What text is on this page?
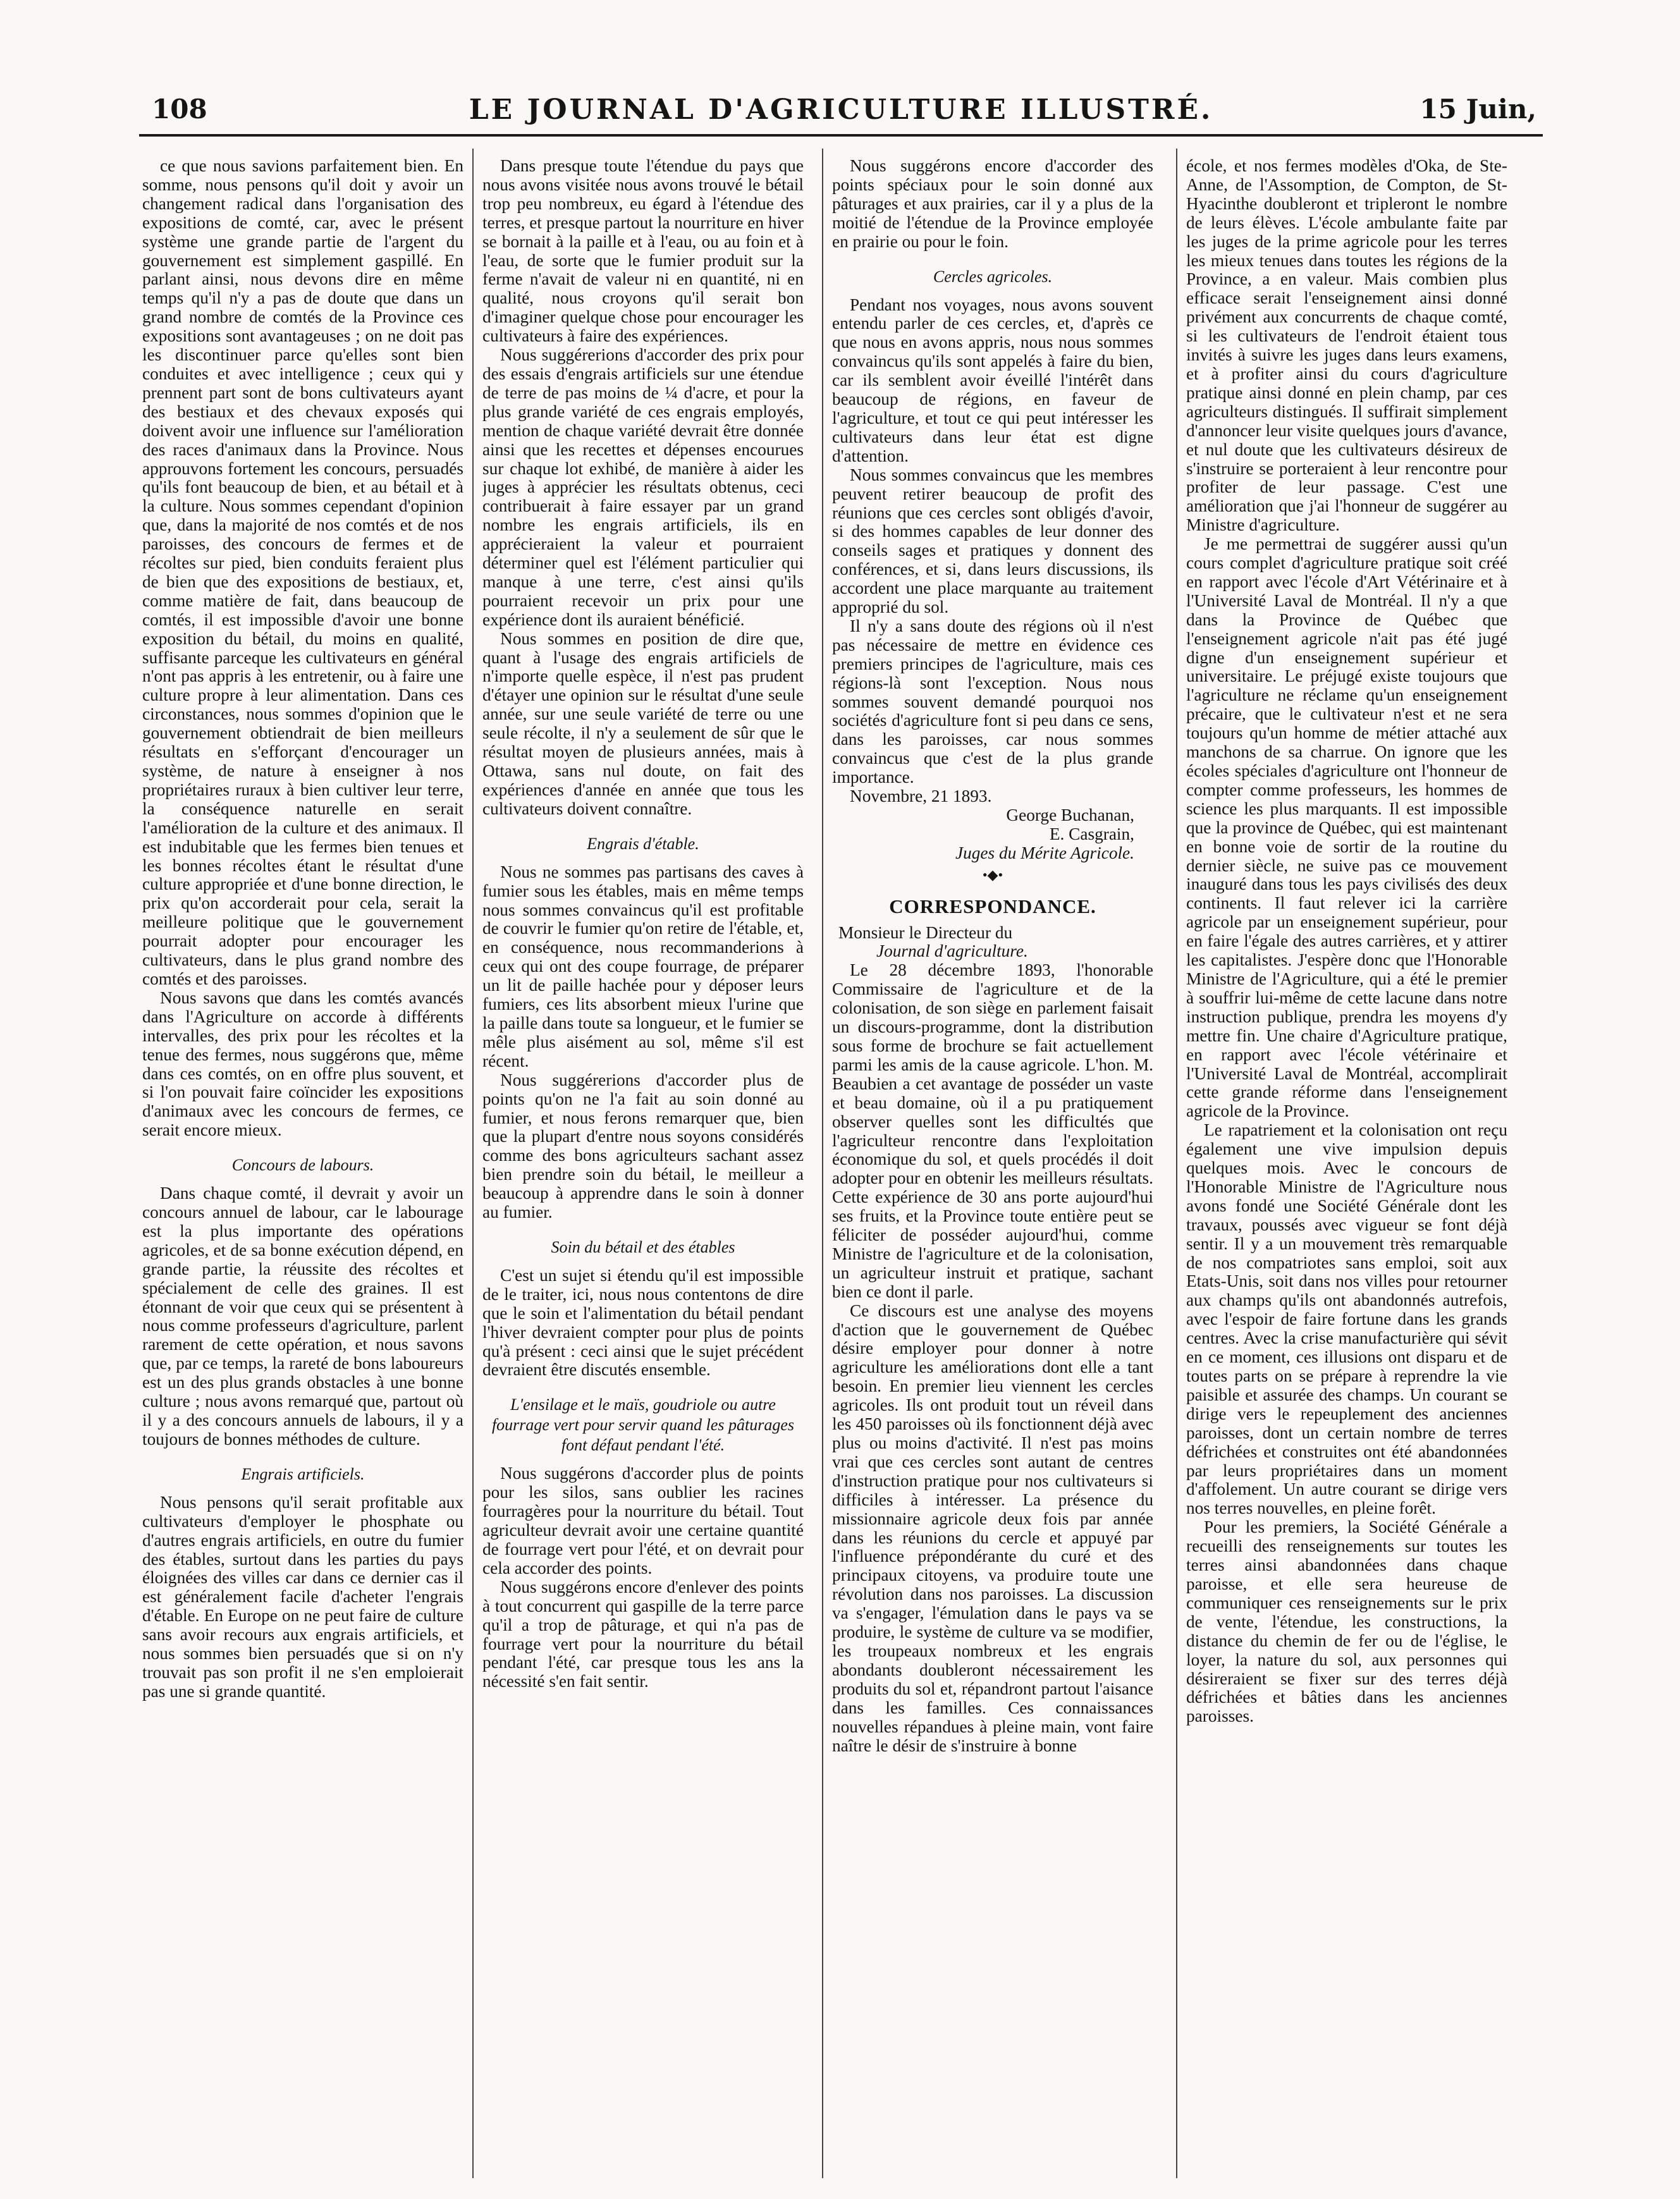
108	LE JOURNAL D'AGRICULTURE ILLUSTRÉ.	15 Juin,

ce que nous savions parfaitement bien. En somme, nous pensons qu'il doit y avoir un changement radical dans l'organisation des expositions de comté, car, avec le présent système une grande partie de l'argent du gouvernement est simplement gaspillé. En parlant ainsi, nous devons dire en même temps qu'il n'y a pas de doute que dans un grand nombre de comtés de la Province ces expositions sont avantageuses ; on ne doit pas les discontinuer parce qu'elles sont bien conduites et avec intelligence ; ceux qui y prennent part sont de bons cultivateurs ayant des bestiaux et des chevaux exposés qui doivent avoir une influence sur l'amélioration des races d'animaux dans la Province. Nous approuvons fortement les concours, persuadés qu'ils font beaucoup de bien, et au bétail et à la culture. Nous sommes cependant d'opinion que, dans la majorité de nos comtés et de nos paroisses, des concours de fermes et de récoltes sur pied, bien conduits feraient plus de bien que des expositions de bestiaux, et, comme matière de fait, dans beaucoup de comtés, il est impossible d'avoir une bonne exposition du bétail, du moins en qualité, suffisante parceque les cultivateurs en général n'ont pas appris à les entretenir, ou à faire une culture propre à leur alimentation. Dans ces circonstances, nous sommes d'opinion que le gouvernement obtiendrait de bien meilleurs résultats en s'efforçant d'encourager un système, de nature à enseigner à nos propriétaires ruraux à bien cultiver leur terre, la conséquence naturelle en serait l'amélioration de la culture et des animaux. Il est indubitable que les fermes bien tenues et les bonnes récoltes étant le résultat d'une culture appropriée et d'une bonne direction, le prix qu'on accorderait pour cela, serait la meilleure politique que le gouvernement pourrait adopter pour encourager les cultivateurs, dans le plus grand nombre des comtés et des paroisses.

Nous savons que dans les comtés avancés dans l'Agriculture on accorde à différents intervalles, des prix pour les récoltes et la tenue des fermes, nous suggérons que, même dans ces comtés, on en offre plus souvent, et si l'on pouvait faire coïncider les expositions d'animaux avec les concours de fermes, ce serait encore mieux.

Concours de labours.

Dans chaque comté, il devrait y avoir un concours annuel de labour, car le labourage est la plus importante des opérations agricoles, et de sa bonne exécution dépend, en grande partie, la réussite des récoltes et spécialement de celle des graines. Il est étonnant de voir que ceux qui se présentent à nous comme professeurs d'agriculture, parlent rarement de cette opération, et nous savons que, par ce temps, la rareté de bons laboureurs est un des plus grands obstacles à une bonne culture ; nous avons remarqué que, partout où il y a des concours annuels de labours, il y a toujours de bonnes méthodes de culture.

Engrais artificiels.

Nous pensons qu'il serait profitable aux cultivateurs d'employer le phosphate ou d'autres engrais artificiels, en outre du fumier des étables, surtout dans les parties du pays éloignées des villes car dans ce dernier cas il est généralement facile d'acheter l'engrais d'étable. En Europe on ne peut faire de culture sans avoir recours aux engrais artificiels, et nous sommes bien persuadés que si on n'y trouvait pas son profit il ne s'en emploierait pas une si grande quantité.

Dans presque toute l'étendue du pays que nous avons visitée nous avons trouvé le bétail trop peu nombreux, eu égard à l'étendue des terres, et presque partout la nourriture en hiver se bornait à la paille et à l'eau, ou au foin et à l'eau, de sorte que le fumier produit sur la ferme n'avait de valeur ni en quantité, ni en qualité, nous croyons qu'il serait bon d'imaginer quelque chose pour encourager les cultivateurs à faire des expériences.

Nous suggérerions d'accorder des prix pour des essais d'engrais artificiels sur une étendue de terre de pas moins de ¼ d'acre, et pour la plus grande variété de ces engrais employés, mention de chaque variété devrait être donnée ainsi que les recettes et dépenses encourues sur chaque lot exhibé, de manière à aider les juges à apprécier les résultats obtenus, ceci contribuerait à faire essayer par un grand nombre les engrais artificiels, ils en apprécieraient la valeur et pourraient déterminer quel est l'élément particulier qui manque à une terre, c'est ainsi qu'ils pourraient recevoir un prix pour une expérience dont ils auraient bénéficié.

Nous sommes en position de dire que, quant à l'usage des engrais artificiels de n'importe quelle espèce, il n'est pas prudent d'étayer une opinion sur le résultat d'une seule année, sur une seule variété de terre ou une seule récolte, il n'y a seulement de sûr que le résultat moyen de plusieurs années, mais à Ottawa, sans nul doute, on fait des expériences d'année en année que tous les cultivateurs doivent connaître.

Engrais d'étable.

Nous ne sommes pas partisans des caves à fumier sous les étables, mais en même temps nous sommes convaincus qu'il est profitable de couvrir le fumier qu'on retire de l'étable, et, en conséquence, nous recommanderions à ceux qui ont des coupe fourrage, de préparer un lit de paille hachée pour y déposer leurs fumiers, ces lits absorbent mieux l'urine que la paille dans toute sa longueur, et le fumier se mêle plus aisément au sol, même s'il est récent.

Nous suggérerions d'accorder plus de points qu'on ne l'a fait au soin donné au fumier, et nous ferons remarquer que, bien que la plupart d'entre nous soyons considérés comme des bons agriculteurs sachant assez bien prendre soin du bétail, le meilleur a beaucoup à apprendre dans le soin à donner au fumier.

Soin du bétail et des étables

C'est un sujet si étendu qu'il est impossible de le traiter, ici, nous nous contentons de dire que le soin et l'alimentation du bétail pendant l'hiver devraient compter pour plus de points qu'à présent : ceci ainsi que le sujet précédent devraient être discutés ensemble.

L'ensilage et le maïs, goudriole ou autre fourrage vert pour servir quand les pâturages font défaut pendant l'été.

Nous suggérons d'accorder plus de points pour les silos, sans oublier les racines fourragères pour la nourriture du bétail. Tout agriculteur devrait avoir une certaine quantité de fourrage vert pour l'été, et on devrait pour cela accorder des points.

Nous suggérons encore d'enlever des points à tout concurrent qui gaspille de la terre parce qu'il a trop de pâturage, et qui n'a pas de fourrage vert pour la nourriture du bétail pendant l'été, car presque tous les ans la nécessité s'en fait sentir.

Nous suggérons encore d'accorder des points spéciaux pour le soin donné aux pâturages et aux prairies, car il y a plus de la moitié de l'étendue de la Province employée en prairie ou pour le foin.

Cercles agricoles.

Pendant nos voyages, nous avons souvent entendu parler de ces cercles, et, d'après ce que nous en avons appris, nous nous sommes convaincus qu'ils sont appelés à faire du bien, car ils semblent avoir éveillé l'intérêt dans beaucoup de régions, en faveur de l'agriculture, et tout ce qui peut intéresser les cultivateurs dans leur état est digne d'attention.

Nous sommes convaincus que les membres peuvent retirer beaucoup de profit des réunions que ces cercles sont obligés d'avoir, si des hommes capables de leur donner des conseils sages et pratiques y donnent des conférences, et si, dans leurs discussions, ils accordent une place marquante au traitement approprié du sol.

Il n'y a sans doute des régions où il n'est pas nécessaire de mettre en évidence ces premiers principes de l'agriculture, mais ces régions-là sont l'exception. Nous nous sommes souvent demandé pourquoi nos sociétés d'agriculture font si peu dans ce sens, dans les paroisses, car nous sommes convaincus que c'est de la plus grande importance.

Novembre, 21 1893.

George Buchanan,
E. Casgrain,
Juges du Mérite Agricole.
•◆•
CORRESPONDANCE.

Monsieur le Directeur du
Journal d'agriculture.

Le 28 décembre 1893, l'honorable Commissaire de l'agriculture et de la colonisation, de son siège en parlement faisait un discours-programme, dont la distribution sous forme de brochure se fait actuellement parmi les amis de la cause agricole. L'hon. M. Beaubien a cet avantage de posséder un vaste et beau domaine, où il a pu pratiquement observer quelles sont les difficultés que l'agriculteur rencontre dans l'exploitation économique du sol, et quels procédés il doit adopter pour en obtenir les meilleurs résultats. Cette expérience de 30 ans porte aujourd'hui ses fruits, et la Province toute entière peut se féliciter de posséder aujourd'hui, comme Ministre de l'agriculture et de la colonisation, un agriculteur instruit et pratique, sachant bien ce dont il parle.

Ce discours est une analyse des moyens d'action que le gouvernement de Québec désire employer pour donner à notre agriculture les améliorations dont elle a tant besoin. En premier lieu viennent les cercles agricoles. Ils ont produit tout un réveil dans les 450 paroisses où ils fonctionnent déjà avec plus ou moins d'activité. Il n'est pas moins vrai que ces cercles sont autant de centres d'instruction pratique pour nos cultivateurs si difficiles à intéresser. La présence du missionnaire agricole deux fois par année dans les réunions du cercle et appuyé par l'influence prépondérante du curé et des principaux citoyens, va produire toute une révolution dans nos paroisses. La discussion va s'engager, l'émulation dans le pays va se produire, le système de culture va se modifier, les troupeaux nombreux et les engrais abondants doubleront nécessairement les produits du sol et, répandront partout l'aisance dans les familles. Ces connaissances nouvelles répandues à pleine main, vont faire naître le désir de s'instruire à bonne

école, et nos fermes modèles d'Oka, de Ste-Anne, de l'Assomption, de Compton, de St-Hyacinthe doubleront et tripleront le nombre de leurs élèves. L'école ambulante faite par les juges de la prime agricole pour les terres les mieux tenues dans toutes les régions de la Province, a en valeur. Mais combien plus efficace serait l'enseignement ainsi donné privément aux concurrents de chaque comté, si les cultivateurs de l'endroit étaient tous invités à suivre les juges dans leurs examens, et à profiter ainsi du cours d'agriculture pratique ainsi donné en plein champ, par ces agriculteurs distingués. Il suffirait simplement d'annoncer leur visite quelques jours d'avance, et nul doute que les cultivateurs désireux de s'instruire se porteraient à leur rencontre pour profiter de leur passage. C'est une amélioration que j'ai l'honneur de suggérer au Ministre d'agriculture.

Je me permettrai de suggérer aussi qu'un cours complet d'agriculture pratique soit créé en rapport avec l'école d'Art Vétérinaire et à l'Université Laval de Montréal. Il n'y a que dans la Province de Québec que l'enseignement agricole n'ait pas été jugé digne d'un enseignement supérieur et universitaire. Le préjugé existe toujours que l'agriculture ne réclame qu'un enseignement précaire, que le cultivateur n'est et ne sera toujours qu'un homme de métier attaché aux manchons de sa charrue. On ignore que les écoles spéciales d'agriculture ont l'honneur de compter comme professeurs, les hommes de science les plus marquants. Il est impossible que la province de Québec, qui est maintenant en bonne voie de sortir de la routine du dernier siècle, ne suive pas ce mouvement inauguré dans tous les pays civilisés des deux continents. Il faut relever ici la carrière agricole par un enseignement supérieur, pour en faire l'égale des autres carrières, et y attirer les capitalistes. J'espère donc que l'Honorable Ministre de l'Agriculture, qui a été le premier à souffrir lui-même de cette lacune dans notre instruction publique, prendra les moyens d'y mettre fin. Une chaire d'Agriculture pratique, en rapport avec l'école vétérinaire et l'Université Laval de Montréal, accomplirait cette grande réforme dans l'enseignement agricole de la Province.

Le rapatriement et la colonisation ont reçu également une vive impulsion depuis quelques mois. Avec le concours de l'Honorable Ministre de l'Agriculture nous avons fondé une Société Générale dont les travaux, poussés avec vigueur se font déjà sentir. Il y a un mouvement très remarquable de nos compatriotes sans emploi, soit aux Etats-Unis, soit dans nos villes pour retourner aux champs qu'ils ont abandonnés autrefois, avec l'espoir de faire fortune dans les grands centres. Avec la crise manufacturière qui sévit en ce moment, ces illusions ont disparu et de toutes parts on se prépare à reprendre la vie paisible et assurée des champs. Un courant se dirige vers le repeuplement des anciennes paroisses, dont un certain nombre de terres défrichées et construites ont été abandonnées par leurs propriétaires dans un moment d'affolement. Un autre courant se dirige vers nos terres nouvelles, en pleine forêt.

Pour les premiers, la Société Générale a recueilli des renseignements sur toutes les terres ainsi abandonnées dans chaque paroisse, et elle sera heureuse de communiquer ces renseignements sur le prix de vente, l'étendue, les constructions, la distance du chemin de fer ou de l'église, le loyer, la nature du sol, aux personnes qui désireraient se fixer sur des terres déjà défrichées et bâties dans les anciennes paroisses.
